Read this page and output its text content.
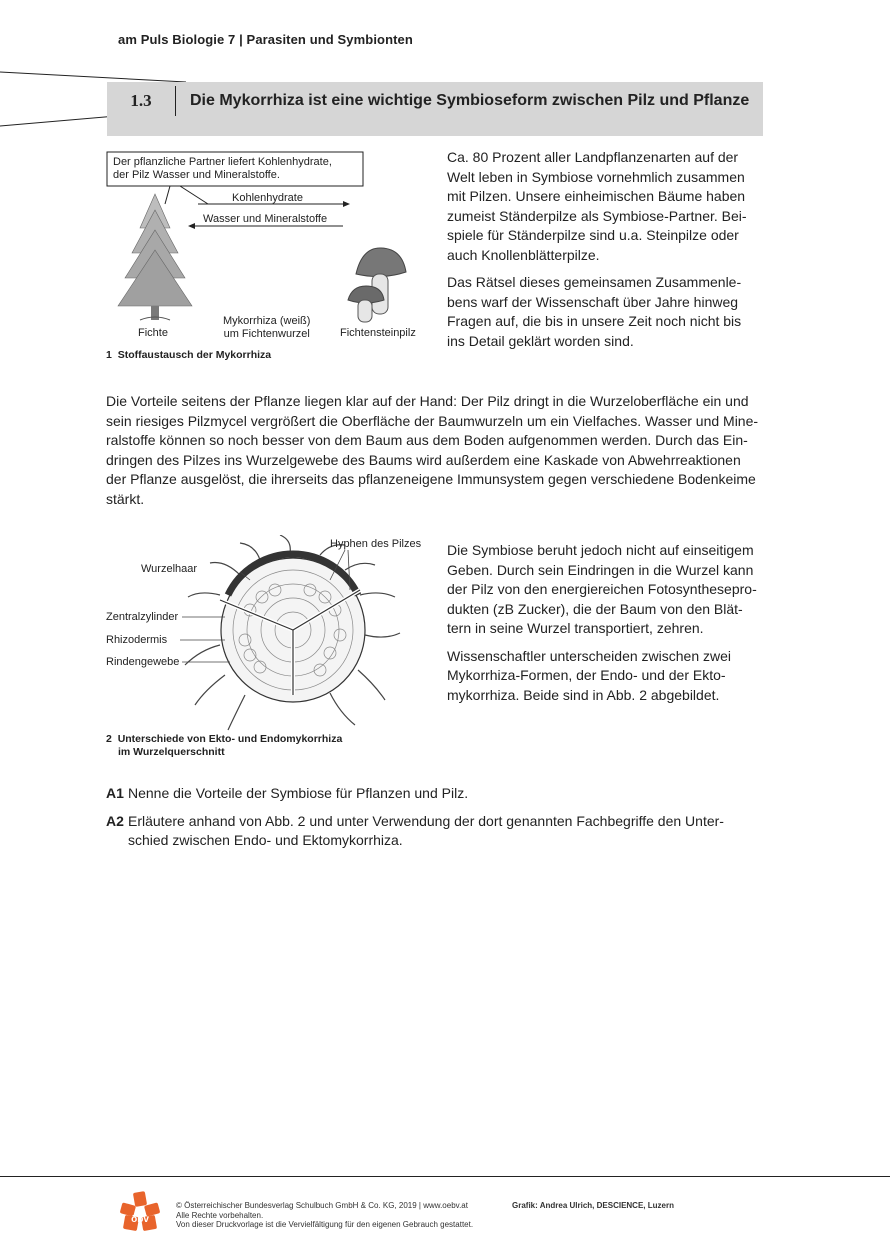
am Puls Biologie 7 | Parasiten und Symbionten
1.3	Die Mykorrhiza ist eine wichtige Symbioseform zwischen Pilz und Pflanze
Der pflanzliche Partner liefert Kohlenhydrate,
der Pilz Wasser und Mineralstoffe.
Kohlenhydrate
Wasser und Mineralstoffe
Fichte
Mykorrhiza (weiß)
um Fichtenwurzel	Fichtensteinpilz
1 Stoffaustausch der Mykorrhiza
Ca. 80 Prozent aller Landpflanzenarten auf der
Welt leben in Symbiose vornehmlich zusammen
mit Pilzen. Unsere einheimischen Bäume haben
zumeist Ständerpilze als Symbiose-Partner. Bei-
spiele für Ständerpilze sind u.a. Steinpilze oder
auch Knollenblätterpilze.
Das Rätsel dieses gemeinsamen Zusammenle-
bens warf der Wissenschaft über Jahre hinweg
Fragen auf, die bis in unsere Zeit noch nicht bis
ins Detail geklärt worden sind.
Die Vorteile seitens der Pflanze liegen klar auf der Hand: Der Pilz dringt in die Wurzeloberfläche ein und
sein riesiges Pilzmycel vergrößert die Oberfläche der Baumwurzeln um ein Vielfaches. Wasser und Mine-
ralstoffe können so noch besser von dem Baum aus dem Boden aufgenommen werden. Durch das Ein-
dringen des Pilzes ins Wurzelgewebe des Baums wird außerdem eine Kaskade von Abwehrreaktionen
der Pflanze ausgelöst, die ihrerseits das pflanzeneigene Immunsystem gegen verschiedene Bodenkeime
stärkt.
Hyphen des Pilzes
Wurzelhaar
Zentralzylinder
Rhizodermis
Rindengewebe
2 Unterschiede von Ekto- und Endomykorrhiza
im Wurzelquerschnitt
Die Symbiose beruht jedoch nicht auf einseitigem
Geben. Durch sein Eindringen in die Wurzel kann
der Pilz von den energiereichen Fotosynthesepro-
dukten (zB Zucker), die der Baum von den Blät-
tern in seine Wurzel transportiert, zehren.
Wissenschaftler unterscheiden zwischen zwei
Mykorrhiza-Formen, der Endo- und der Ekto-
mykorrhiza. Beide sind in Abb. 2 abgebildet.
A1 Nenne die Vorteile der Symbiose für Pflanzen und Pilz.
A2 Erläutere anhand von Abb. 2 und unter Verwendung der dort genannten Fachbegriffe den Unter-
schied zwischen Endo- und Ektomykorrhiza.
öbv
© Österreichischer Bundesverlag Schulbuch GmbH & Co. KG, 2019 | www.oebv.at
Alle Rechte vorbehalten.
Von dieser Druckvorlage ist die Vervielfältigung für den eigenen Gebrauch gestattet.
Grafik: Andrea Ulrich, DESCIENCE, Luzern
